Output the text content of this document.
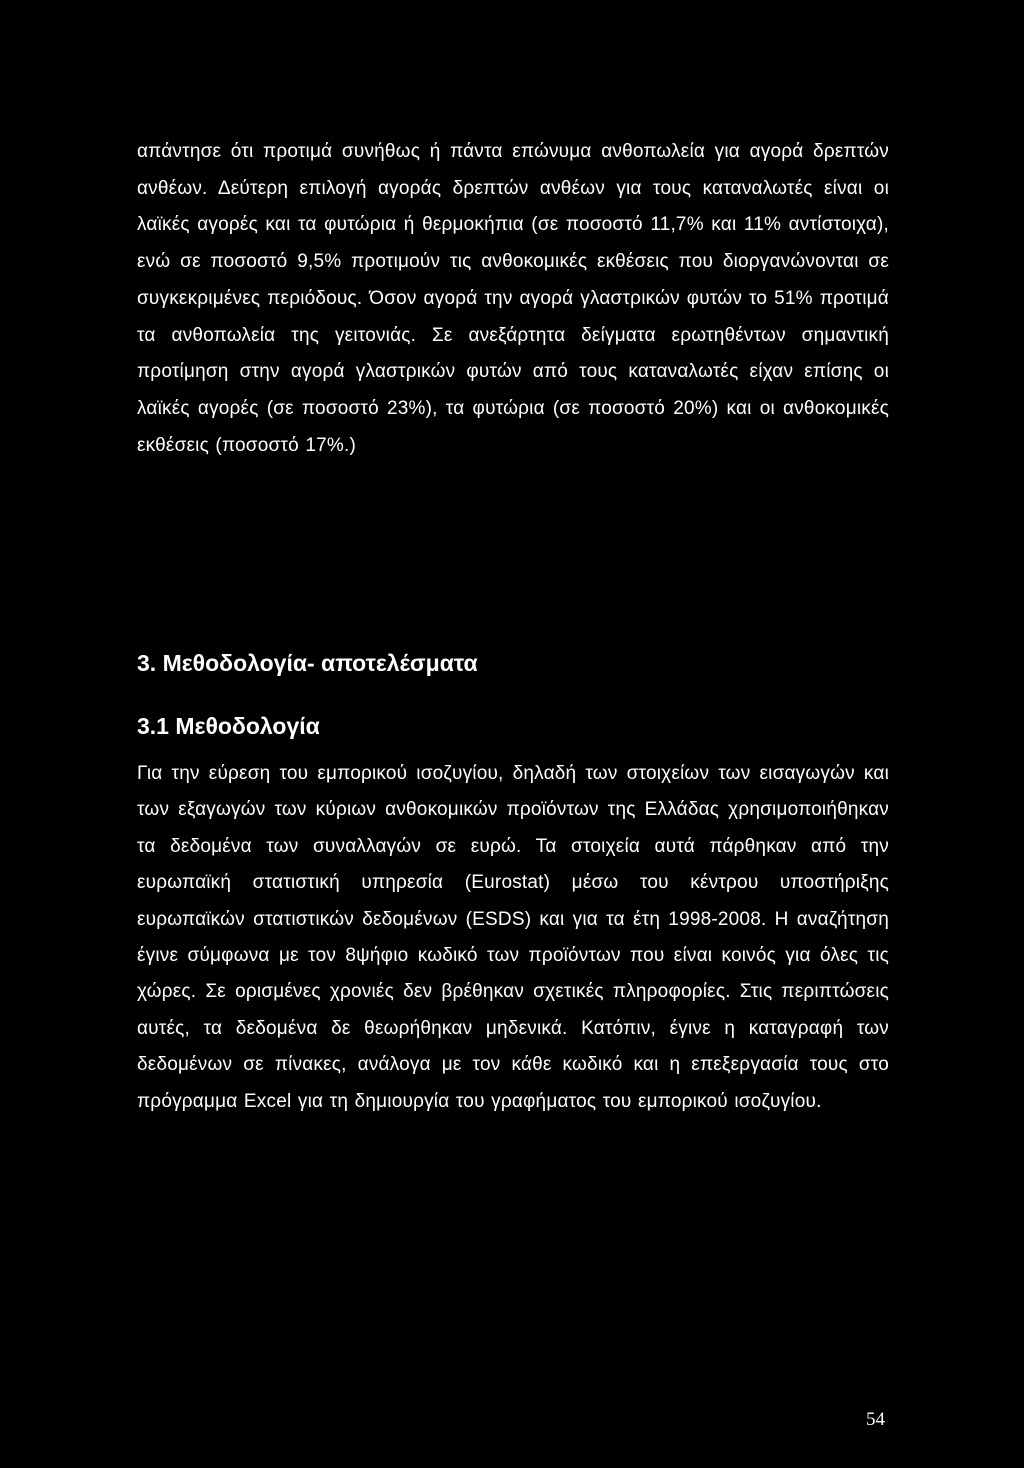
απάντησε ότι προτιμά συνήθως ή πάντα επώνυμα ανθοπωλεία για αγορά δρεπτών ανθέων. Δεύτερη επιλογή αγοράς δρεπτών ανθέων για τους καταναλωτές είναι οι λαϊκές αγορές και τα φυτώρια ή θερμοκήπια (σε ποσοστό 11,7% και 11% αντίστοιχα), ενώ σε ποσοστό 9,5% προτιμούν τις ανθοκομικές εκθέσεις που διοργανώνονται σε συγκεκριμένες περιόδους. Όσον αγορά την αγορά γλαστρικών φυτών το 51% προτιμά τα ανθοπωλεία της γειτονιάς. Σε ανεξάρτητα δείγματα ερωτηθέντων σημαντική προτίμηση στην αγορά γλαστρικών φυτών από τους καταναλωτές είχαν επίσης οι λαϊκές αγορές (σε ποσοστό 23%), τα φυτώρια (σε ποσοστό 20%) και οι ανθοκομικές εκθέσεις (ποσοστό 17%.)

3. Μεθοδολογία- αποτελέσματα
3.1 Μεθοδολογία

Για την εύρεση του εμπορικού ισοζυγίου, δηλαδή των στοιχείων των εισαγωγών και των εξαγωγών των κύριων ανθοκομικών προϊόντων της Ελλάδας χρησιμοποιήθηκαν τα δεδομένα των συναλλαγών σε ευρώ. Τα στοιχεία αυτά πάρθηκαν από την ευρωπαϊκή στατιστική υπηρεσία (Eurostat) μέσω του κέντρου υποστήριξης ευρωπαϊκών στατιστικών δεδομένων (ESDS) και για τα έτη 1998-2008. Η αναζήτηση έγινε σύμφωνα με τον 8ψήφιο κωδικό των προϊόντων που είναι κοινός για όλες τις χώρες. Σε ορισμένες χρονιές δεν βρέθηκαν σχετικές πληροφορίες. Στις περιπτώσεις αυτές, τα δεδομένα δε θεωρήθηκαν μηδενικά. Κατόπιν, έγινε η καταγραφή των δεδομένων σε πίνακες, ανάλογα με τον κάθε κωδικό και η επεξεργασία τους στο πρόγραμμα Excel για τη δημιουργία του γραφήματος του εμπορικού ισοζυγίου.

54
